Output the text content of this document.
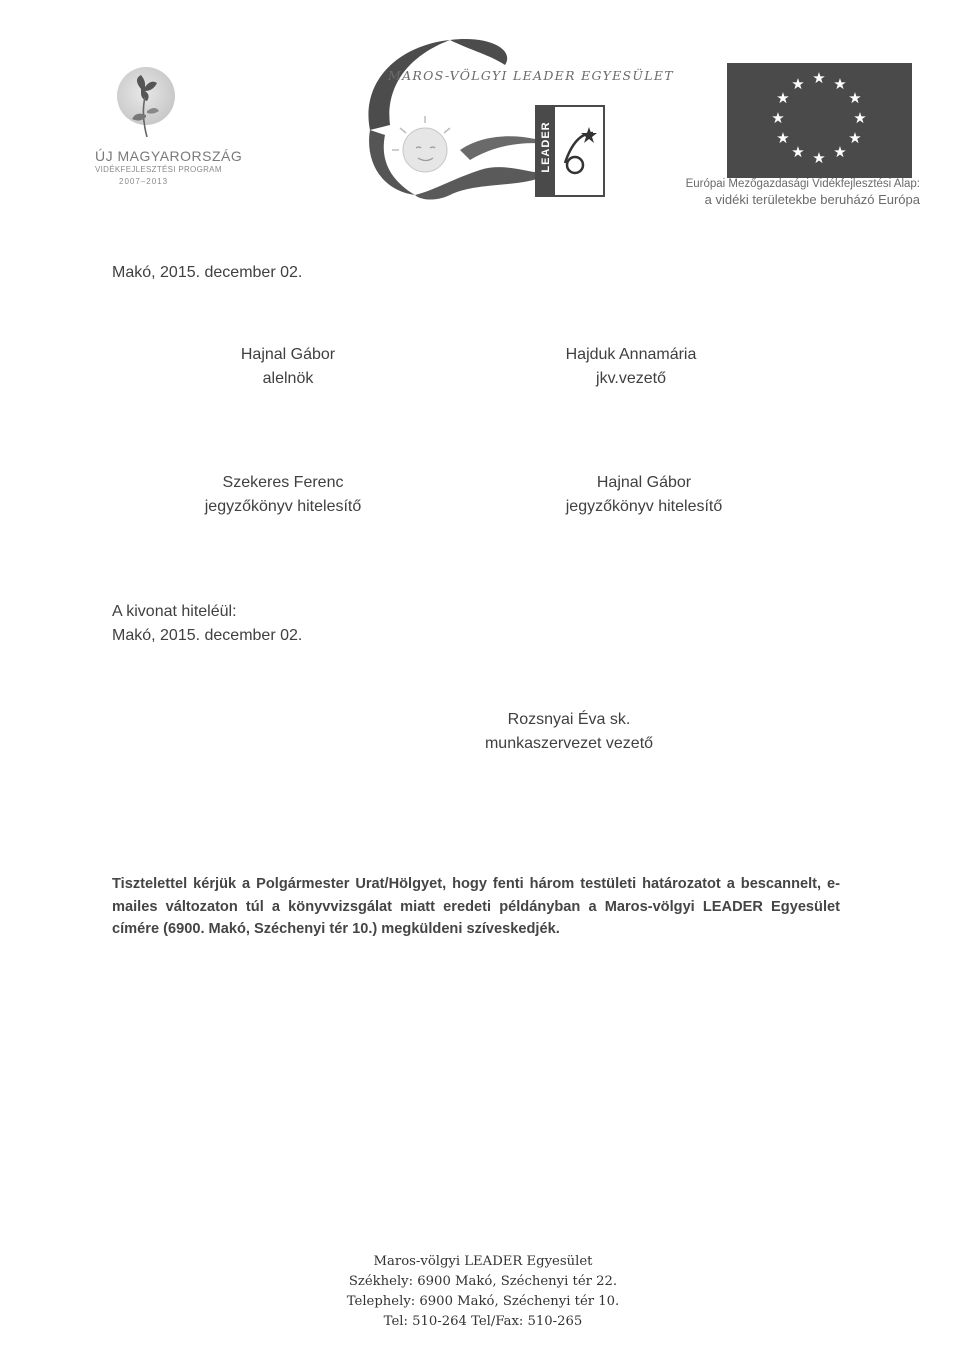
ÚJ MAGYARORSZÁG
VIDÉKFEJLESZTÉSI PROGRAM
2007–2013
MAROS-VÖLGYI LEADER EGYESÜLET
LEADER
★ ★
★
★
★
★
★
★
★
★
★
★
Európai Mezőgazdasági Vidékfejlesztési Alap:
a vidéki területekbe beruházó Európa
Makó, 2015. december 02.
Hajnal Gábor
alelnök
Hajduk Annamária
jkv.vezető
Szekeres Ferenc
jegyzőkönyv hitelesítő
Hajnal Gábor
jegyzőkönyv hitelesítő
A kivonat hiteléül:
Makó, 2015. december 02.
Rozsnyai Éva sk.
munkaszervezet vezető
Tisztelettel kérjük a Polgármester Urat/Hölgyet, hogy fenti három testületi határozatot a bescannelt, e-mailes változaton túl a könyvvizsgálat miatt eredeti példányban a Maros-völgyi LEADER Egyesület címére (6900. Makó, Széchenyi tér 10.) megküldeni szíveskedjék.
Maros-völgyi LEADER Egyesület
Székhely: 6900 Makó, Széchenyi tér 22.
Telephely: 6900 Makó, Széchenyi tér 10.
Tel: 510-264 Tel/Fax: 510-265
